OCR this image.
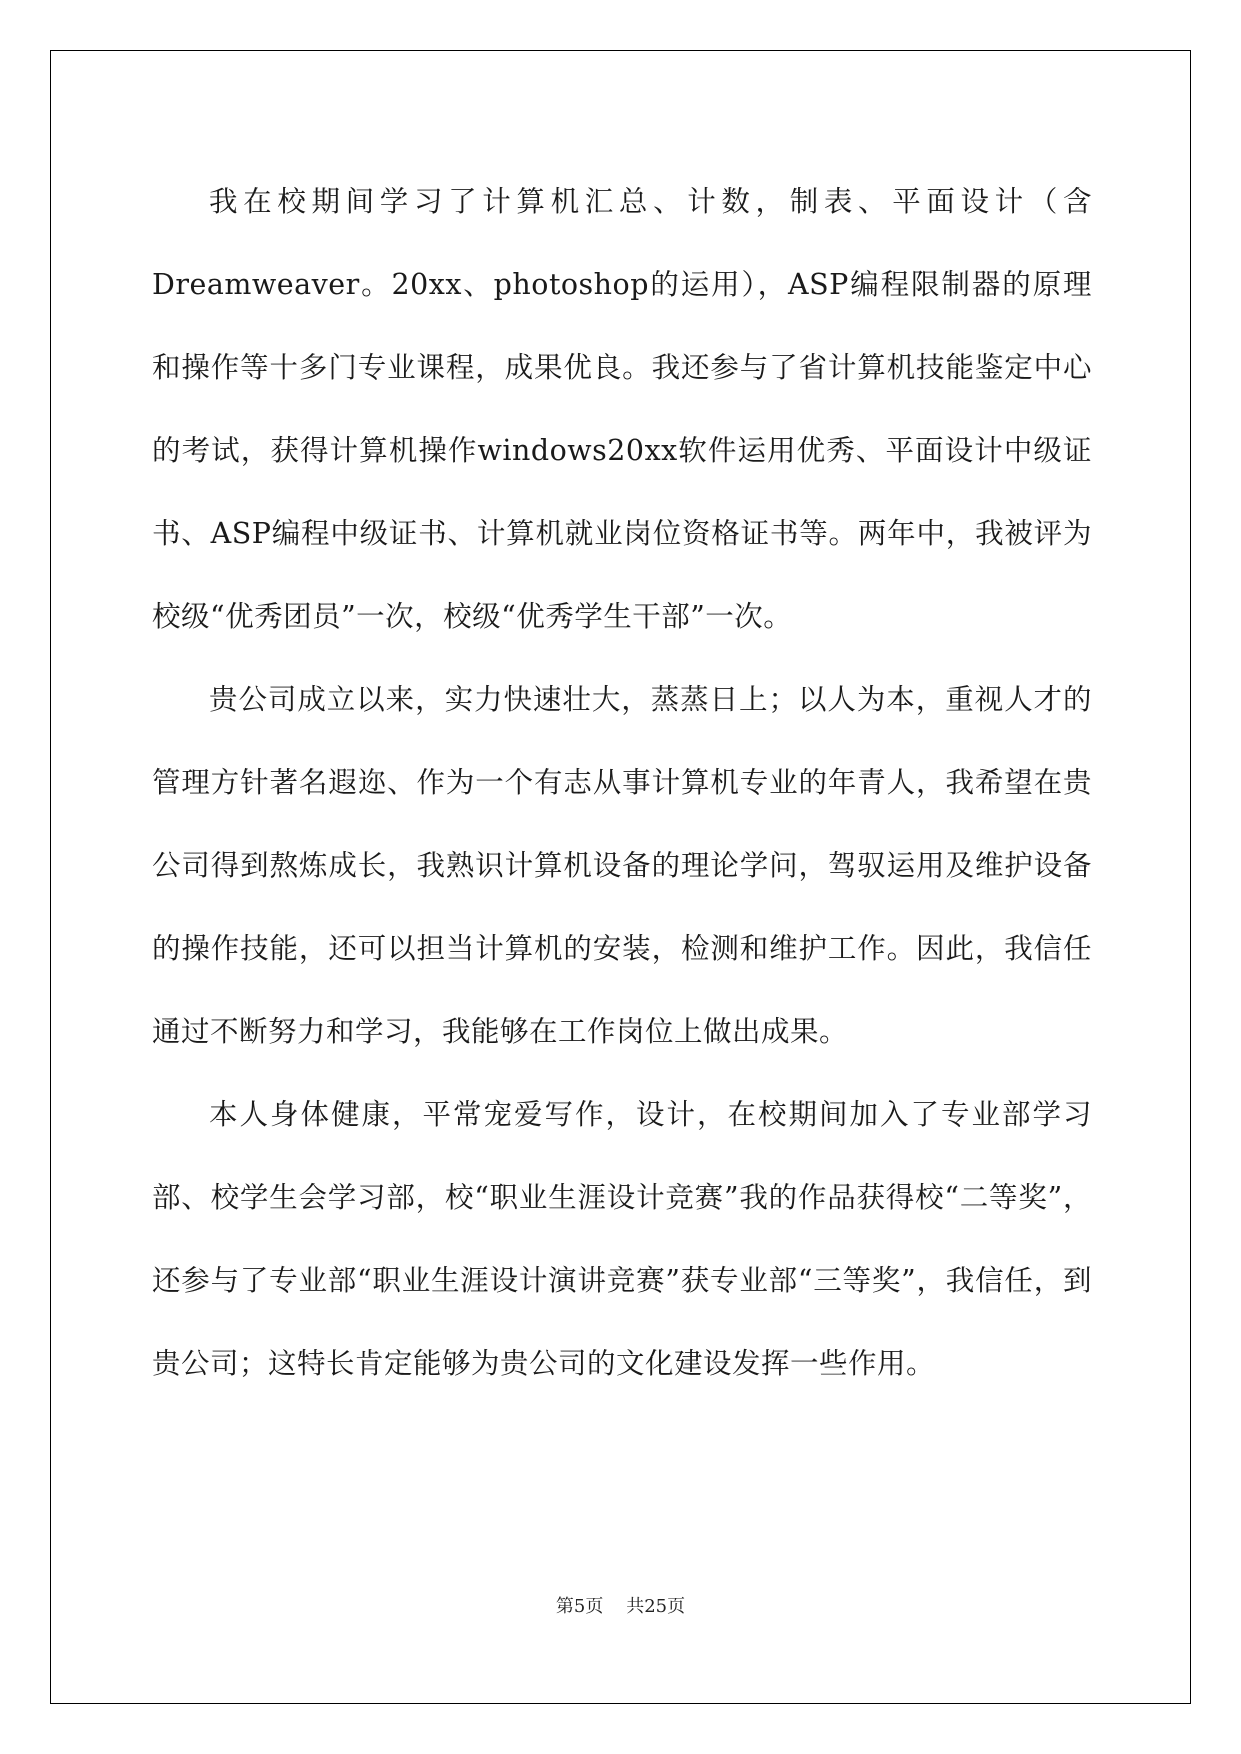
我在校期间学习了计算机汇总、计数，制表、平面设计（含Dreamweaver。20xx、photoshop的运用），ASP编程限制器的原理和操作等十多门专业课程，成果优良。我还参与了省计算机技能鉴定中心的考试，获得计算机操作windows20xx软件运用优秀、平面设计中级证书、ASP编程中级证书、计算机就业岗位资格证书等。两年中，我被评为校级“优秀团员”一次，校级“优秀学生干部”一次。

贵公司成立以来，实力快速壮大，蒸蒸日上；以人为本，重视人才的管理方针著名遐迩、作为一个有志从事计算机专业的年青人，我希望在贵公司得到熬炼成长，我熟识计算机设备的理论学问，驾驭运用及维护设备的操作技能，还可以担当计算机的安装，检测和维护工作。因此，我信任通过不断努力和学习，我能够在工作岗位上做出成果。

本人身体健康，平常宠爱写作，设计，在校期间加入了专业部学习部、校学生会学习部，校“职业生涯设计竞赛”我的作品获得校“二等奖”，还参与了专业部“职业生涯设计演讲竞赛”获专业部“三等奖”，我信任，到贵公司；这特长肯定能够为贵公司的文化建设发挥一些作用。

第5页 共25页
